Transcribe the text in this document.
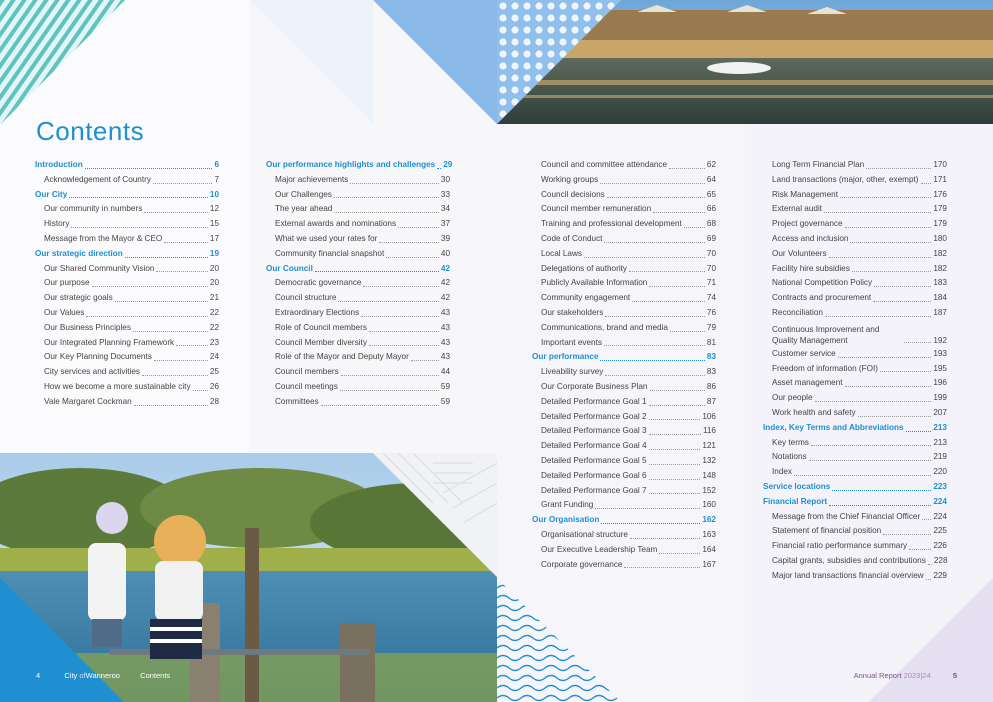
Contents
Introduction	6
Acknowledgement of Country	7
Our City	10
Our community in numbers	12
History	15
Message from the Mayor & CEO	17
Our strategic direction	19
Our Shared Community Vision	20
Our purpose	20
Our strategic goals	21
Our Values	22
Our Business Principles	22
Our Integrated Planning Framework	23
Our Key Planning Documents	24
City services and activities	25
How we become a more sustainable city 26
Vale Margaret Cockman	28
Our performance highlights and challenges 29
Major achievements	30
Our Challenges	33
The year ahead	34
External awards and nominations	37
What we used your rates for	39
Community financial snapshot	40
Our Council	42
Democratic governance	42
Council structure	42
Extraordinary Elections	43
Role of Council members	43
Council Member diversity	43
Role of the Mayor and Deputy Mayor	43
Council members	44
Council meetings	59
Committees	59
Council and committee attendance	62
Working groups	64
Council decisions	65
Council member remuneration	66
Training and professional development	68
Code of Conduct	69
Local Laws	70
Delegations of authority	70
Publicly Available Information	71
Community engagement	74
Our stakeholders	76
Communications, brand and media	79
Important events	81
Our performance	83
Liveability survey	83
Our Corporate Business Plan	86
Detailed Performance Goal 1	87
Detailed Performance Goal 2	106
Detailed Performance Goal 3	116
Detailed Performance Goal 4	121
Detailed Performance Goal 5	132
Detailed Performance Goal 6	148
Detailed Performance Goal 7	152
Grant Funding	160
Our Organisation	162
Organisational structure	163
Our Executive Leadership Team	164
Corporate governance	167
Long Term Financial Plan	170
Land transactions (major, other, exempt) 171
Risk Management	176
External audit	179
Project governance	179
Access and inclusion	180
Our Volunteers	182
Facility hire subsidies	182
National Competition Policy	183
Contracts and procurement	184
Reconciliation	187
Continuous Improvement and Quality Management	192
Customer service	193
Freedom of information (FOI)	195
Asset management	196
Our people	199
Work health and safety	207
Index, Key Terms and Abbreviations	213
Key terms	213
Notations	219
Index	220
Service locations	223
Financial Report	224
Message from the Chief Financial Officer 224
Statement of financial position	225
Financial ratio performance summary	226
Capital grants, subsidies and contributions 228
Major land transactions financial overview 229
4	City ofWanneroo	Contents	Annual Report 2023|24	5
